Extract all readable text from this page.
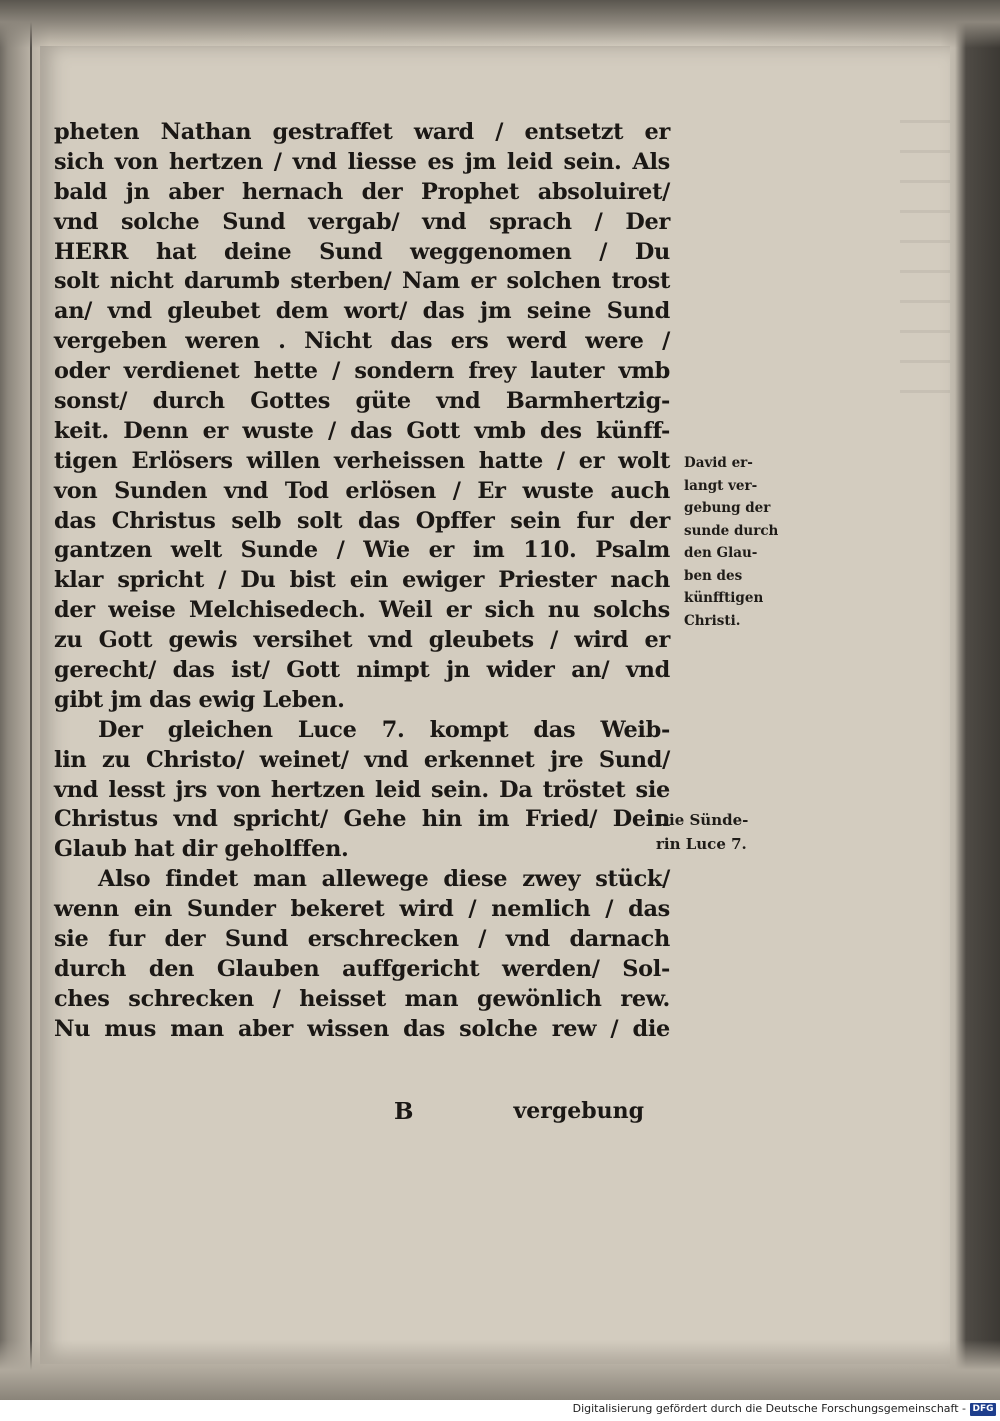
pheten Nathan gestraffet ward / entsetzt er
sich von hertzen / vnd liesse es jm leid sein. Als
bald jn aber hernach der Prophet absoluiret/
vnd solche Sund vergab/ vnd sprach / Der
HERR hat deine Sund weggenomen / Du
solt nicht darumb sterben/ Nam er solchen trost
an/ vnd gleubet dem wort/ das jm seine Sund
vergeben weren . Nicht das ers werd were /
oder verdienet hette / sondern frey lauter vmb
sonst/ durch Gottes güte vnd Barmhertzig-
keit. Denn er wuste / das Gott vmb des künff-
tigen Erlösers willen verheissen hatte / er wolt
von Sunden vnd Tod erlösen / Er wuste auch
das Christus selb solt das Opffer sein fur der
gantzen welt Sunde / Wie er im 110. Psalm
klar spricht / Du bist ein ewiger Priester nach
der weise Melchisedech. Weil er sich nu solchs
zu Gott gewis versihet vnd gleubets / wird er
gerecht/ das ist/ Gott nimpt jn wider an/ vnd
gibt jm das ewig Leben.
Der gleichen Luce 7. kompt das Weib-
lin zu Christo/ weinet/ vnd erkennet jre Sund/
vnd lesst jrs von hertzen leid sein. Da tröstet sie
Christus vnd spricht/ Gehe hin im Fried/ Dein
Glaub hat dir geholffen.
Also findet man allewege diese zwey stück/
wenn ein Sunder bekeret wird / nemlich / das
sie fur der Sund erschrecken / vnd darnach
durch den Glauben auffgericht werden/ Sol-
ches schrecken / heisset man gewönlich rew.
Nu mus man aber wissen das solche rew / die
B	vergebung
David er-
langt ver-
gebung der
sunde durch
den Glau-
ben des
künfftigen
Christi.
Die Sünde-
rin Luce 7.
Digitalisierung gefördert durch die Deutsche Forschungsgemeinschaft - DFG
